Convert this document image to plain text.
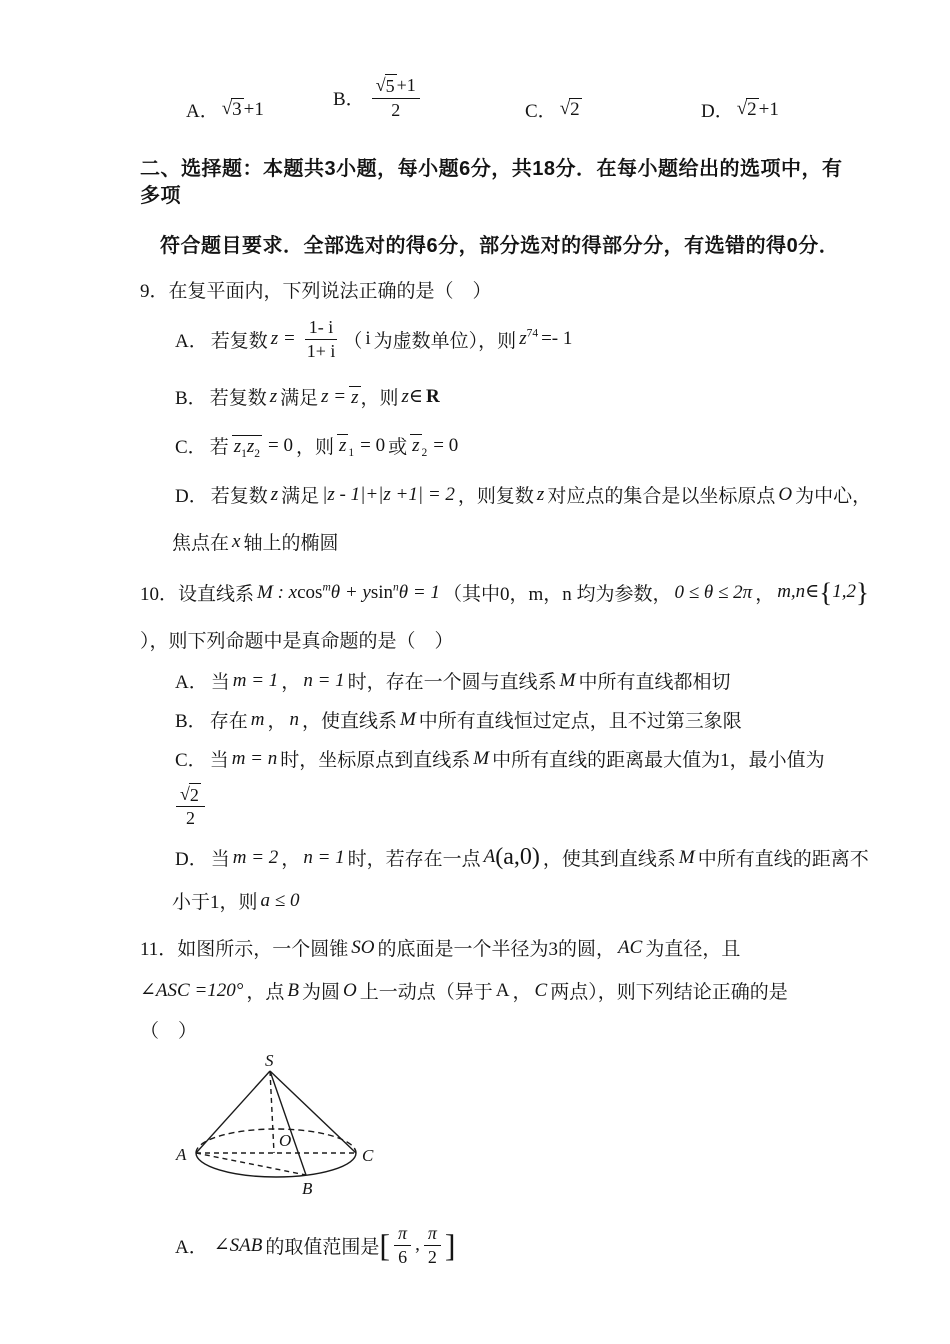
A． √ 3 +1	B． $\frac{√ 5 +1}{2}$	C． √ 2	D． √ 2 +1
二、选择题：本题共3小题，每小题6分，共18分．在每小题给出的选项中，有多项
符合题目要求．全部选对的得6分，部分选对的得部分分，有选错的得0分．
9．在复平面内，下列说法正确的是（　）
A． 若复数 $z = \frac{1- i}{1+ i}$ （ i 为虚数单位），则 $z^{74} =- 1$
B． 若复数 z 满足 z = z ，则 z∈ R
C． 若 $z_1z_2 = 0$ ，则 z $_1$ = 0 或 z $_2$ = 0
D． 若复数 z 满足 |z - 1|+|z +1| = 2 ，则复数 z 对应点的集合是以坐标原点 O 为中心，
焦点在 x 轴上的椭圆
10．设直线系 M : xcos$^m$θ + ysin$^n$θ = 1 （其中0，m，n 均为参数， 0 ≤ θ ≤ 2π ， m,n∈{1,2}
），则下列命题中是真命题的是（　）
A． 当 m = 1 ， n = 1 时，存在一个圆与直线系 M 中所有直线都相切
B． 存在 m ， n ，使直线系 M 中所有直线恒过定点，且不过第三象限
C． 当 m = n 时，坐标原点到直线系 M 中所有直线的距离最大值为1，最小值为
$\frac{√ 2}{2}$
D． 当 m = 2 ， n = 1 时，若存在一点 A(a,0) ，使其到直线系 M 中所有直线的距离不
小于1，则 a ≤ 0
11．如图所示，一个圆锥 SO 的底面是一个半径为3的圆， AC 为直径，且
∠ASC =120° ，点 B 为圆 O 上一动点（异于 A ， C 两点），则下列结论正确的是
（　）
S
A
O
C
B
A． ∠SAB 的取值范围是 [ $\frac{\pi}{6}$ , $\frac{\pi}{2}$ ]
